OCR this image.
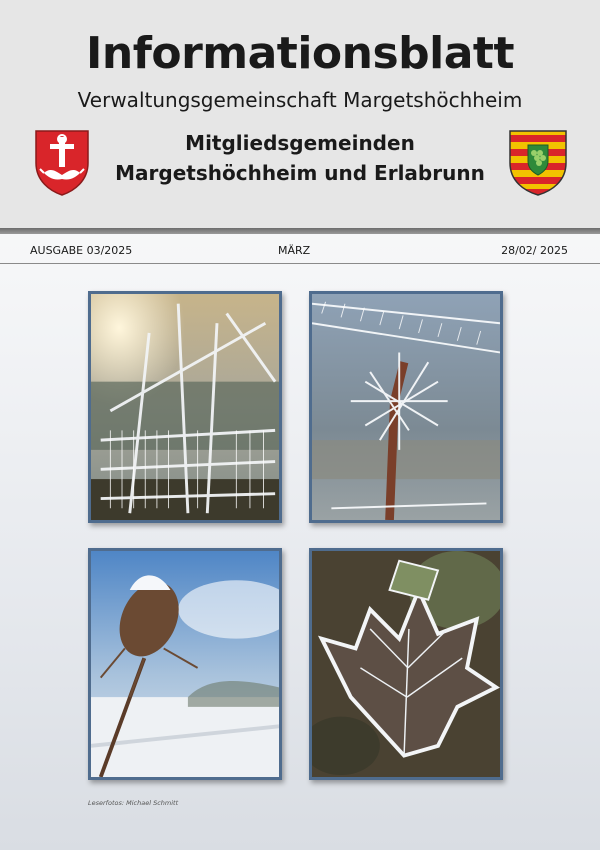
Informationsblatt
Verwaltungsgemeinschaft Margetshöchheim
Mitgliedsgemeinden
Margetshöchheim und Erlabrunn
AUSGABE 03/2025	MÄRZ	28/02/ 2025
Leserfotos: Michael Schmitt
